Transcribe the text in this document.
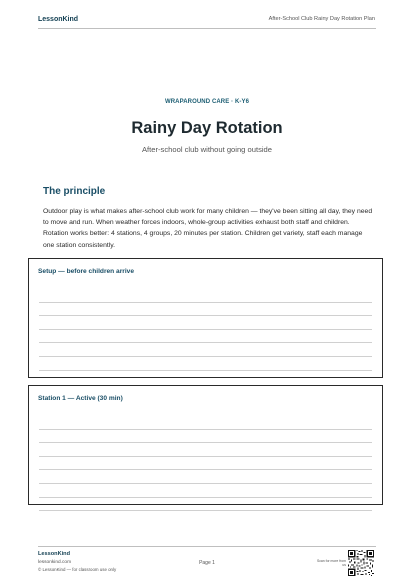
LessonKind	After-School Club Rainy Day Rotation Plan
WRAPAROUND CARE · K-Y6
Rainy Day Rotation
After-school club without going outside
The principle
Outdoor play is what makes after-school club work for many children — they've been sitting all day, they need to move and run. When weather forces indoors, whole-group activities exhaust both staff and children. Rotation works better: 4 stations, 4 groups, 20 minutes per station. Children get variety, staff each manage one station consistently.
Setup — before children arrive
Station 1 — Active (30 min)
LessonKind
lessonkind.com
© LessonKind — for classroom use only
Page 1	Scan for more from us
